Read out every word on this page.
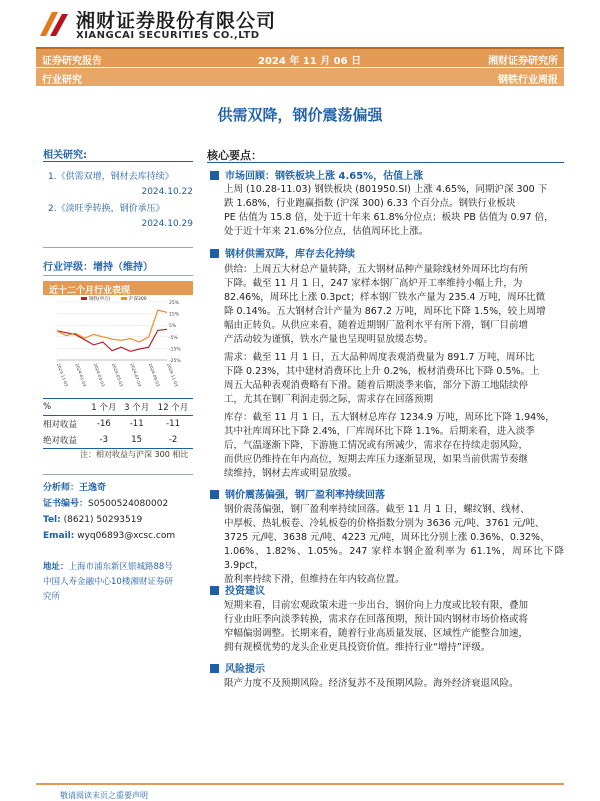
湘财证券股份有限公司
XIANGCAI SECURITIES CO.,LTD
证券研究报告	2024 年 11 月 06 日	湘财证券研究所
行业研究	钢铁行业周报
供需双降，钢价震荡偏强
相关研究:
1.《供需双增，钢材去库持续》
2024.10.22
2.《淡旺季转换，钢价承压》
2024.10.29
行业评级：增持（维持）
近十二个月行业表现
25%
15%
5%
-5%
-15%
-25%
2023-11-03 2024-01-03 2024-03-03 2024-05-03 2024-07-03 2024-09-03 2024-11-03
钢铁(申万)	沪深300
%	1 个月	3 个月	12 个月
相对收益	-16	-11	-11
绝对收益	-3	15	-2
注：相对收益与沪深 300 相比
分析师：王逸奇
证书编号：S0500524080002
Tel: (8621) 50293519
Email: wyq06893@xcsc.com
地址：上海市浦东新区银城路88号
中国人寿金融中心10楼湘财证券研
究所
核心要点：
市场回顾：钢铁板块上涨 4.65%，估值上涨
上周 (10.28-11.03) 钢铁板块 (801950.SI) 上涨 4.65%，同期沪深 300 下
跌 1.68%，行业跑赢指数 (沪深 300) 6.33 个百分点。钢铁行业板块
PE 估值为 15.8 倍，处于近十年来 61.8%分位点；板块 PB 估值为 0.97 倍，
处于近十年来 21.6%分位点，估值周环比上涨。
钢材供需双降，库存去化持续
供给：上周五大材总产量转降，五大钢材品种产量除线材外周环比均有所
下降。截至 11 月 1 日，247 家样本钢厂高炉开工率维持小幅上升，为
82.46%，周环比上涨 0.3pct；样本钢厂铁水产量为 235.4 万吨，周环比微
降 0.14%。五大钢材合计产量为 867.2 万吨，周环比下降 1.5%，较上周增
幅由正转负。从供应来看，随着近期钢厂盈利水平有所下滑，钢厂目前增
产活动较为谨慎，铁水产量也呈现明显放缓态势。
需求：截至 11 月 1 日，五大品种周度表观消费量为 891.7 万吨，周环比
下降 0.23%，其中建材消费环比上升 0.2%，板材消费环比下降 0.5%。上
周五大品种表观消费略有下滑。随着后期淡季来临，部分下游工地陆续停
工，尤其在钢厂利润走弱之际，需求存在回落预期
库存：截至 11 月 1 日，五大钢材总库存 1234.9 万吨，周环比下降 1.94%，
其中社库周环比下降 2.4%，厂库周环比下降 1.1%。后期来看，进入淡季
后，气温逐渐下降，下游施工情况或有所减少，需求存在持续走弱风险，
而供应仍维持在年内高位，短期去库压力逐渐显现，如果当前供需节奏继
续维持，钢材去库或明显放缓。
钢价震荡偏强，钢厂盈利率持续回落
钢价震荡偏强，钢厂盈利率持续回落。截至 11 月 1 日，螺纹钢、线材、
中厚板、热轧板卷、冷轧板卷的价格指数分别为 3636 元/吨、3761 元/吨、
3725 元/吨、3638 元/吨、4223 元/吨，周环比分别上涨 0.36%、0.32%、
1.06%、1.82%、1.05%。247 家样本钢企盈利率为 61.1%，周环比下降 3.9pct，
盈利率持续下滑，但维持在年内较高位置。
投资建议
短期来看，目前宏观政策未进一步出台，钢价向上力度或比较有限，叠加
行业由旺季向淡季转换，需求存在回落预期，预计国内钢材市场价格或将
窄幅偏弱调整。长期来看，随着行业高质量发展、区域性产能整合加速，
拥有规模优势的龙头企业更具投资价值。维持行业“增持”评级。
风险提示
限产力度不及预期风险。经济复苏不及预期风险。海外经济衰退风险。
敬请阅读末页之重要声明
